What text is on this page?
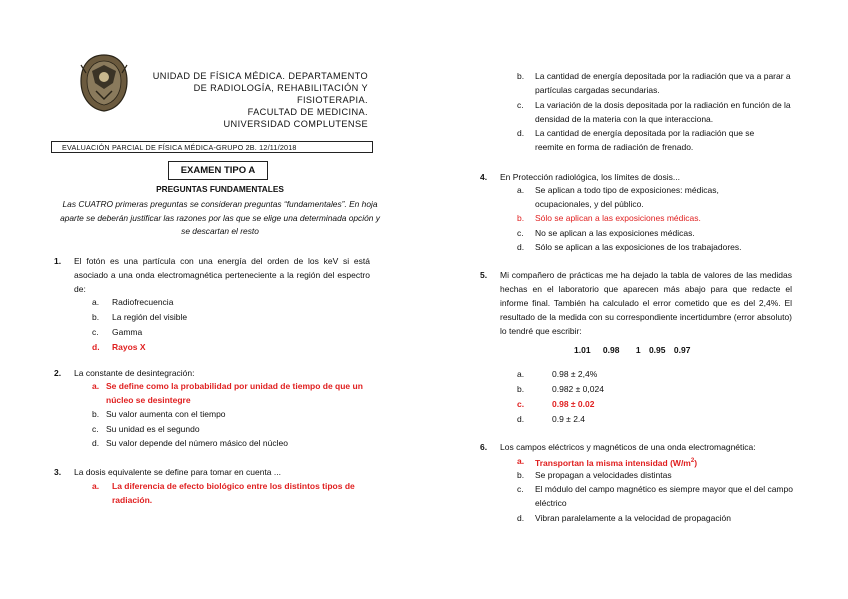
UNIDAD DE FÍSICA MÉDICA. DEPARTAMENTO
DE RADIOLOGÍA, REHABILITACIÓN Y
FISIOTERAPIA.
FACULTAD DE MEDICINA.
UNIVERSIDAD COMPLUTENSE
EVALUACIÓN PARCIAL DE FÍSICA MÉDICA-GRUPO 2B. 12/11/2018
EXAMEN TIPO A
PREGUNTAS FUNDAMENTALES
Las CUATRO primeras preguntas se consideran preguntas “fundamentales”. En hoja aparte se deberán justificar las razones por las que se elige una determinada opción y se descartan el resto
1. El fotón es una partícula con una energía del orden de los keV si está asociado a una onda electromagnética perteneciente a la región del espectro de:
a. Radiofrecuencia
b. La región del visible
c. Gamma
d. Rayos X
2. La constante de desintegración:
a. Se define como la probabilidad por unidad de tiempo de que un núcleo se desintegre
b. Su valor aumenta con el tiempo
c. Su unidad es el segundo
d. Su valor depende del número másico del núcleo
3. La dosis equivalente se define para tomar en cuenta ...
a. La diferencia de efecto biológico entre los distintos tipos de radiación.
b. La cantidad de energía depositada por la radiación que va a parar a partículas cargadas secundarias.
c. La variación de la dosis depositada por la radiación en función de la densidad de la materia con la que interacciona.
d. La cantidad de energía depositada por la radiación que se reemite en forma de radiación de frenado.
4. En Protección radiológica, los límites de dosis...
a. Se aplican a todo tipo de exposiciones: médicas, ocupacionales, y del público.
b. Sólo se aplican a las exposiciones médicas.
c. No se aplican a las exposiciones médicas.
d. Sólo se aplican a las exposiciones de los trabajadores.
5. Mi compañero de prácticas me ha dejado la tabla de valores de las medidas hechas en el laboratorio que aparecen más abajo para que redacte el informe final. También ha calculado el error cometido que es del 2,4%. El resultado de la medida con su correspondiente incertidumbre (error absoluto) lo tendré que escribir:
1.01 0.98 1 0.95 0.97
a.	0.98 ± 2,4%
b.	0.982 ± 0,024
c.	0.98 ± 0.02
d.	0.9 ± 2.4
6. Los campos eléctricos y magnéticos de una onda electromagnética:
a. Transportan la misma intensidad $(W/m^2)$
b. Se propagan a velocidades distintas
c. El módulo del campo magnético es siempre mayor que el del campo eléctrico
d. Vibran paralelamente a la velocidad de propagación
